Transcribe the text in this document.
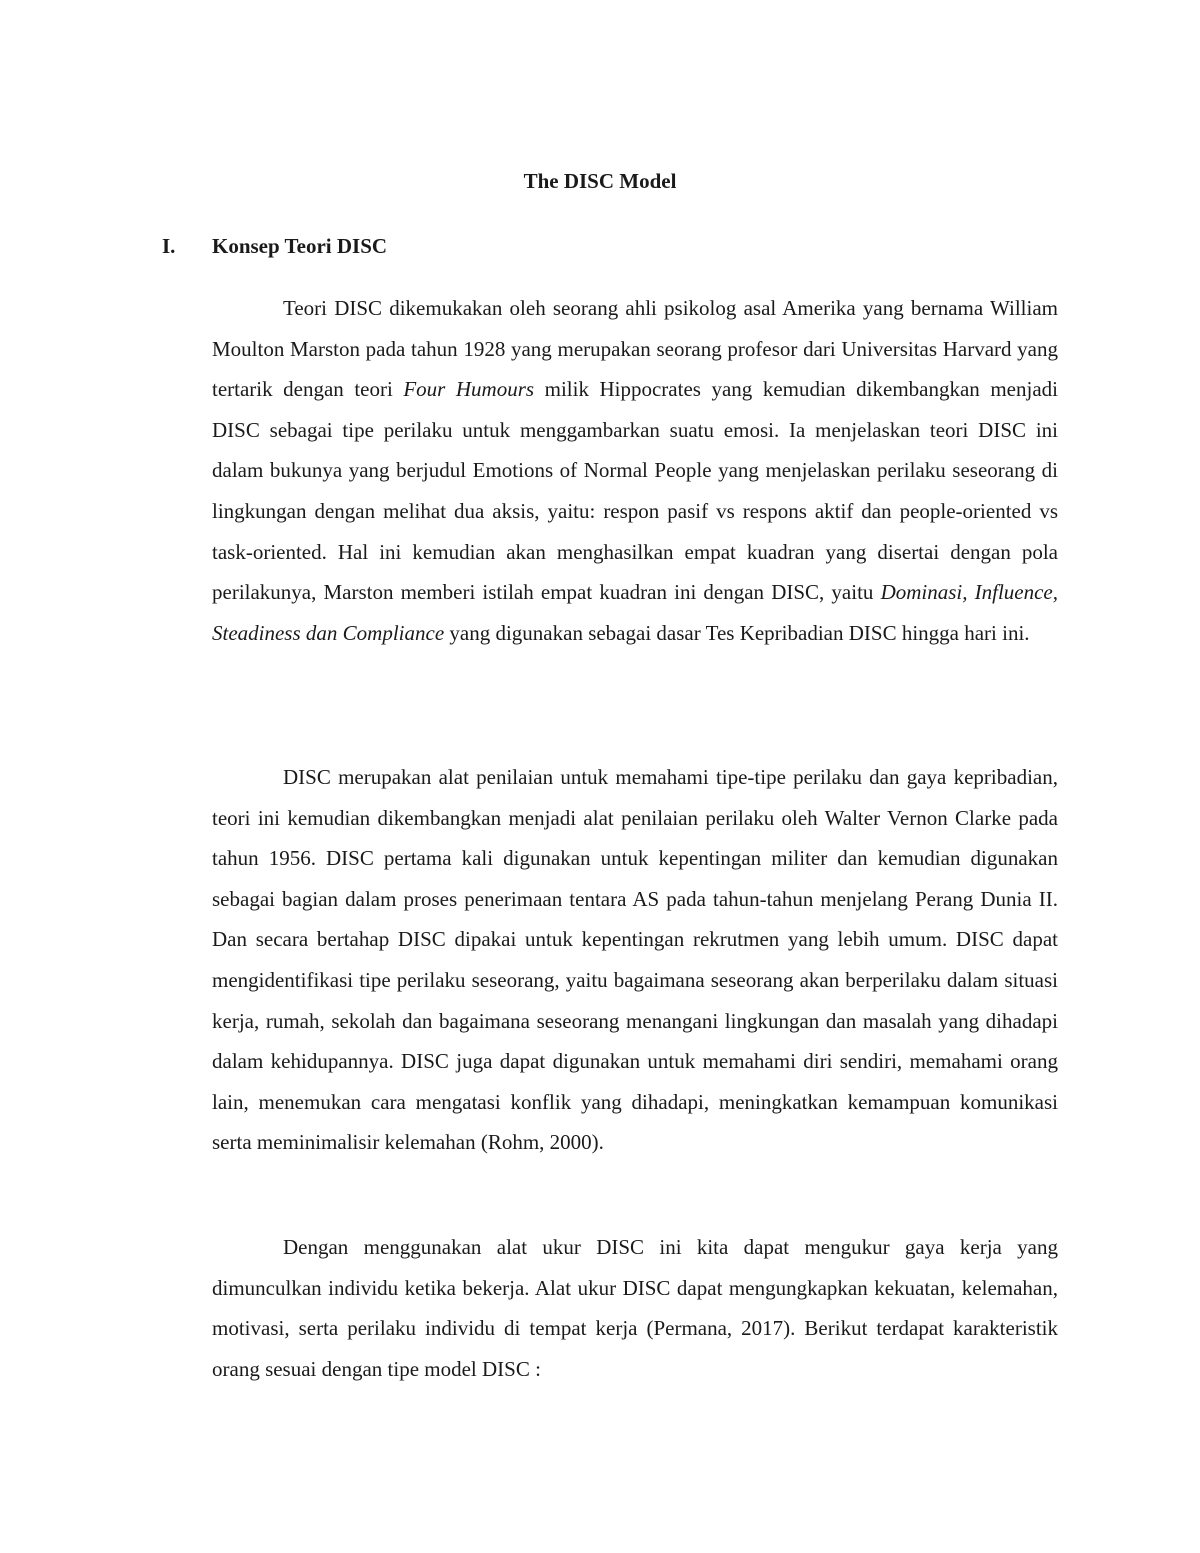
The DISC Model
I. Konsep Teori DISC

Teori DISC dikemukakan oleh seorang ahli psikolog asal Amerika yang bernama William Moulton Marston pada tahun 1928 yang merupakan seorang profesor dari Universitas Harvard yang tertarik dengan teori Four Humours milik Hippocrates yang kemudian dikembangkan menjadi DISC sebagai tipe perilaku untuk menggambarkan suatu emosi. Ia menjelaskan teori DISC ini dalam bukunya yang berjudul Emotions of Normal People yang menjelaskan perilaku seseorang di lingkungan dengan melihat dua aksis, yaitu: respon pasif vs respons aktif dan people-oriented vs task-oriented. Hal ini kemudian akan menghasilkan empat kuadran yang disertai dengan pola perilakunya, Marston memberi istilah empat kuadran ini dengan DISC, yaitu Dominasi, Influence, Steadiness dan Compliance yang digunakan sebagai dasar Tes Kepribadian DISC hingga hari ini.

DISC merupakan alat penilaian untuk memahami tipe-tipe perilaku dan gaya kepribadian, teori ini kemudian dikembangkan menjadi alat penilaian perilaku oleh Walter Vernon Clarke pada tahun 1956. DISC pertama kali digunakan untuk kepentingan militer dan kemudian digunakan sebagai bagian dalam proses penerimaan tentara AS pada tahun-tahun menjelang Perang Dunia II. Dan secara bertahap DISC dipakai untuk kepentingan rekrutmen yang lebih umum. DISC dapat mengidentifikasi tipe perilaku seseorang, yaitu bagaimana seseorang akan berperilaku dalam situasi kerja, rumah, sekolah dan bagaimana seseorang menangani lingkungan dan masalah yang dihadapi dalam kehidupannya. DISC juga dapat digunakan untuk memahami diri sendiri, memahami orang lain, menemukan cara mengatasi konflik yang dihadapi, meningkatkan kemampuan komunikasi serta meminimalisir kelemahan (Rohm, 2000).

Dengan menggunakan alat ukur DISC ini kita dapat mengukur gaya kerja yang dimunculkan individu ketika bekerja. Alat ukur DISC dapat mengungkapkan kekuatan, kelemahan, motivasi, serta perilaku individu di tempat kerja (Permana, 2017). Berikut terdapat karakteristik orang sesuai dengan tipe model DISC :
